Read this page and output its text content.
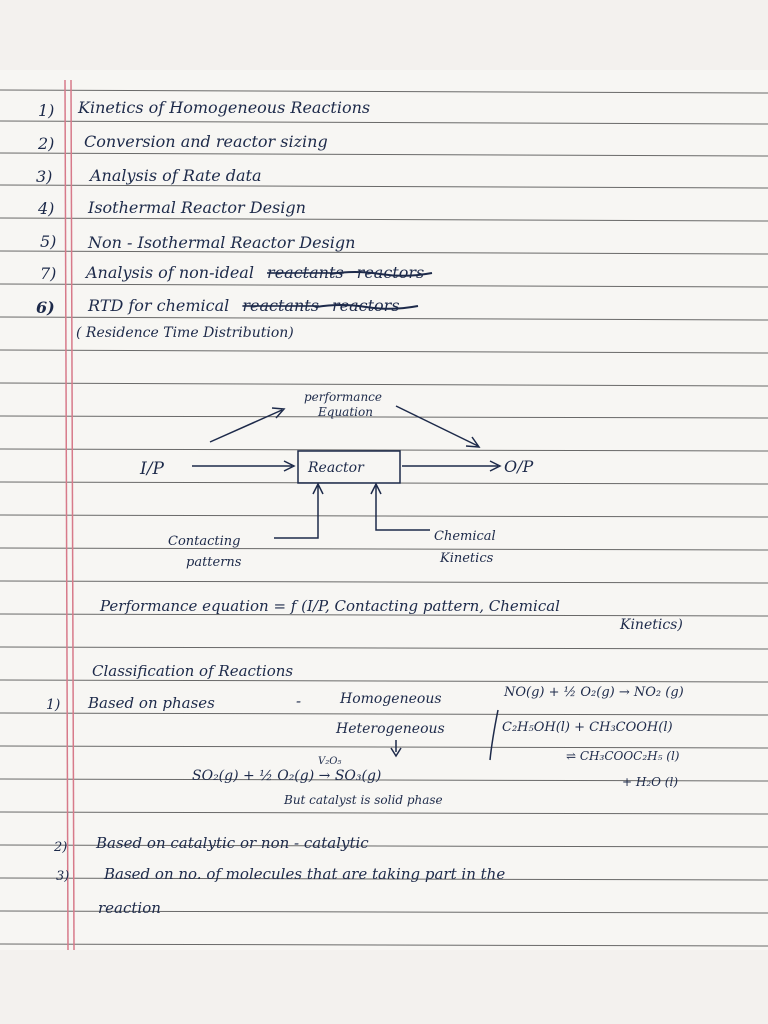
1) Kinetics of Homogeneous Reactions
2) Conversion and reactor sizing
3) Analysis of Rate data
4) Isothermal Reactor Design
5) Non - Isothermal Reactor Design
7) Analysis of non-ideal reactants reactors
6) RTD for chemical reactants reactors
( Residence Time Distribution)
performance
Equation
I/P	Reactor	O/P
Contacting
patterns
Chemical
Kinetics
Performance equation = f (I/P, Contacting pattern, Chemical
Kinetics)
Classification of Reactions
1) Based on phases	-	Homogeneous	NO(g) + ½ O₂(g) → NO₂ (g)
Heterogeneous	C₂H₅OH(l) + CH₃COOH(l)
⇌ CH₃COOC₂H₅ (l)
+ H₂O (l)
V₂O₅
SO₂(g) + ½ O₂(g) → SO₃(g)
But catalyst is solid phase
2) Based on catalytic or non - catalytic
3) Based on no. of molecules that are taking part in the
reaction
